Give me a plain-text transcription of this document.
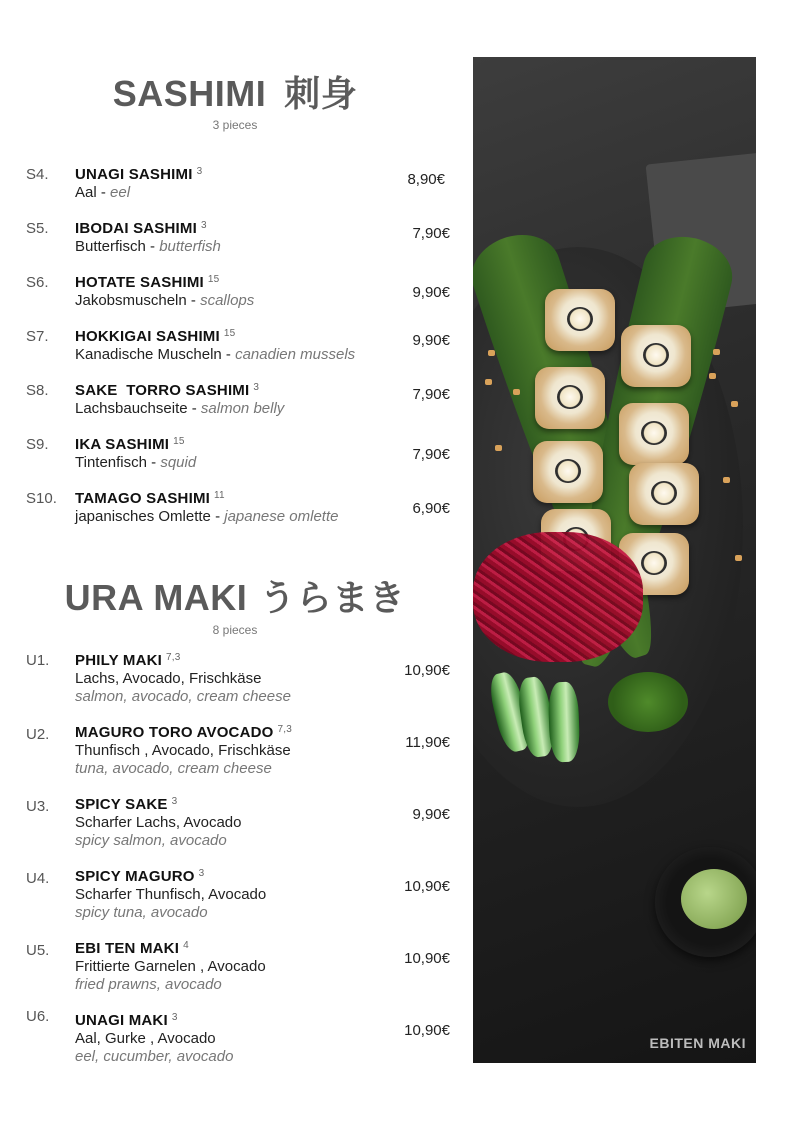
SASHIMI 刺身
3 pieces
S4. UNAGI SASHIMI $^3$
Aal - eel
8,90€
S5. IBODAI SASHIMI $^3$
Butterfisch - butterfish
7,90€
S6. HOTATE SASHIMI $^{15}$
Jakobsmuscheln - scallops	9,90€
S7. HOKKIGAI SASHIMI $^{15}$
Kanadische Muscheln - canadien mussels
9,90€
S8. SAKE  TORRO SASHIMI $^3$
Lachsbauchseite - salmon belly
7,90€
S9. IKA SASHIMI $^{15}$
Tintenfisch - squid	7,90€
S10. TAMAGO SASHIMI $^{11}$
japanisches Omlette - japanese omlette	6,90€
URA MAKI うらまき
8 pieces
U1. PHILY MAKI $^{7,3}$
Lachs, Avocado, Frischkäse
salmon, avocado, cream cheese
10,90€
U2. MAGURO TORO AVOCADO $^{7,3}$
Thunfisch , Avocado, Frischkäse
tuna, avocado, cream cheese
11,90€
U3. SPICY SAKE $^3$
Scharfer Lachs, Avocado
spicy salmon, avocado
9,90€
U4. SPICY MAGURO $^3$
Scharfer Thunfisch, Avocado
spicy tuna, avocado
10,90€
U5. EBI TEN MAKI $^4$
Frittierte Garnelen , Avocado
fried prawns, avocado
10,90€
U6. UNAGI MAKI $^3$
Aal, Gurke , Avocado
eel, cucumber, avocado
10,90€
EBITEN MAKI
